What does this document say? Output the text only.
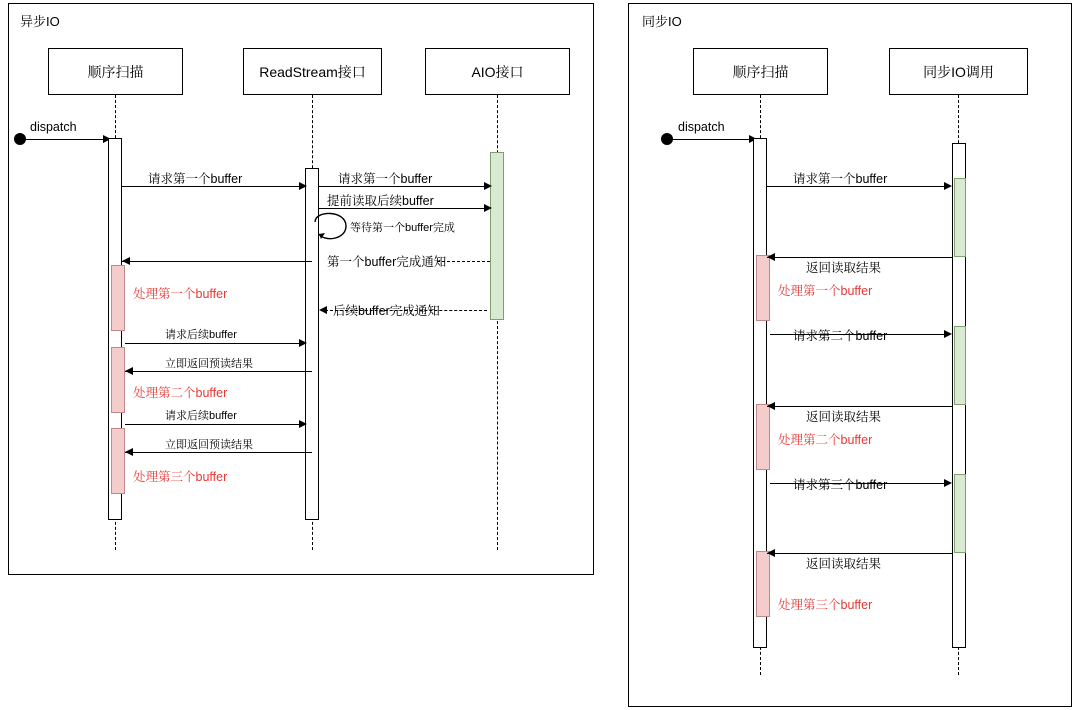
异步IO
顺序扫描	ReadStream接口	AIO接口
dispatch
请求第一个buffer	请求第一个buffer
提前读取后续buffer
等待第一个buffer完成
第一个buffer完成通知
后续buffer完成通知
处理第一个buffer
请求后续buffer
立即返回预读结果
处理第二个buffer
请求后续buffer
立即返回预读结果
处理第三个buffer
同步IO
顺序扫描	同步IO调用
dispatch
请求第一个buffer
返回读取结果
处理第一个buffer
请求第二个buffer
返回读取结果
处理第二个buffer
请求第三个buffer
返回读取结果
处理第三个buffer
